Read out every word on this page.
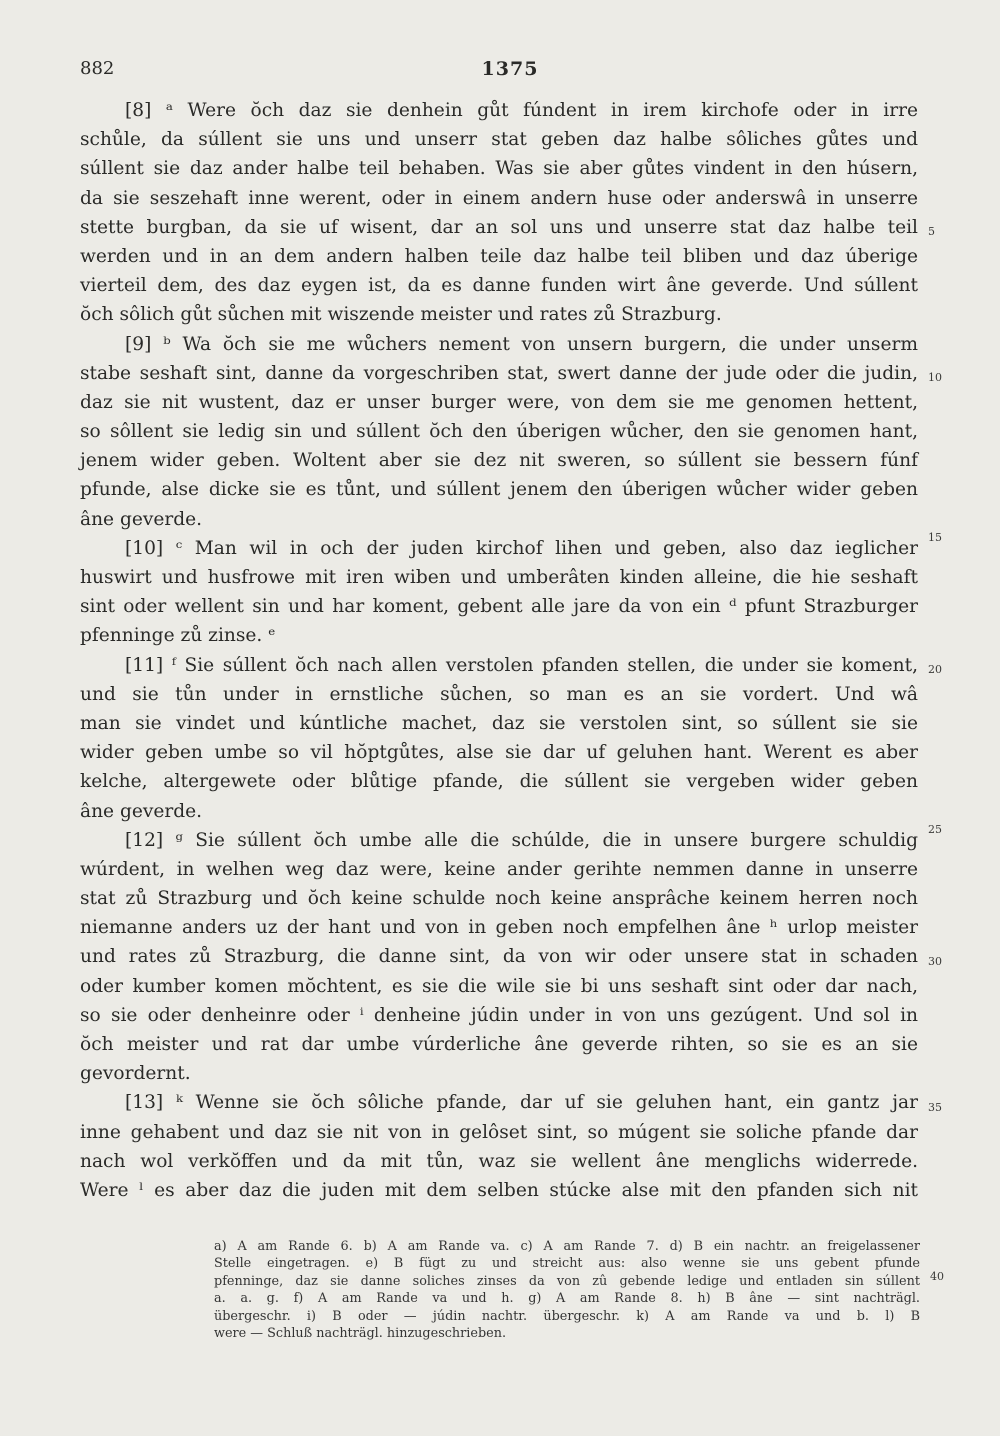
882	1375
[8] ᵃ Were ŏch daz sie denhein gůt fúndent in irem kirchofe oder in irre
schůle, da súllent sie uns und unserr stat geben daz halbe sôliches gůtes und
súllent sie daz ander halbe teil behaben. Was sie aber gůtes vindent in den húsern,
da sie seszehaft inne werent, oder in einem andern huse oder anderswâ in unserre
stette burgban, da sie uf wisent, dar an sol uns und unserre stat daz halbe teil
werden und in an dem andern halben teile daz halbe teil bliben und daz úberige
vierteil dem, des daz eygen ist, da es danne funden wirt âne geverde. Und súllent
ŏch sôlich gůt sůchen mit wiszende meister und rates zů Strazburg.
[9] ᵇ Wa ŏch sie me wůchers nement von unsern burgern, die under unserm
stabe seshaft sint, danne da vorgeschriben stat, swert danne der jude oder die judin,
daz sie nit wustent, daz er unser burger were, von dem sie me genomen hettent,
so sôllent sie ledig sin und súllent ŏch den úberigen wůcher, den sie genomen hant,
jenem wider geben. Woltent aber sie dez nit sweren, so súllent sie bessern fúnf
pfunde, alse dicke sie es tůnt, und súllent jenem den úberigen wůcher wider geben
âne geverde.
[10] ᶜ Man wil in och der juden kirchof lihen und geben, also daz ieglicher
huswirt und husfrowe mit iren wiben und umberâten kinden alleine, die hie seshaft
sint oder wellent sin und har koment, gebent alle jare da von ein ᵈ pfunt Strazburger
pfenninge zů zinse. ᵉ
[11] ᶠ Sie súllent ŏch nach allen verstolen pfanden stellen, die under sie koment,
und sie tůn under in ernstliche sůchen, so man es an sie vordert. Und wâ
man sie vindet und kúntliche machet, daz sie verstolen sint, so súllent sie sie
wider geben umbe so vil hŏptgůtes, alse sie dar uf geluhen hant. Werent es aber
kelche, altergewete oder blůtige pfande, die súllent sie vergeben wider geben
âne geverde.
[12] ᵍ Sie súllent ŏch umbe alle die schúlde, die in unsere burgere schuldig
wúrdent, in welhen weg daz were, keine ander gerihte nemmen danne in unserre
stat zů Strazburg und ŏch keine schulde noch keine ansprâche keinem herren noch
niemanne anders uz der hant und von in geben noch empfelhen âne ʰ urlop meister
und rates zů Strazburg, die danne sint, da von wir oder unsere stat in schaden
oder kumber komen mŏchtent, es sie die wile sie bi uns seshaft sint oder dar nach,
so sie oder denheinre oder ⁱ denheine júdin under in von uns gezúgent. Und sol in
ŏch meister und rat dar umbe vúrderliche âne geverde rihten, so sie es an sie
gevordernt.
[13] ᵏ Wenne sie ŏch sôliche pfande, dar uf sie geluhen hant, ein gantz jar
inne gehabent und daz sie nit von in gelôset sint, so múgent sie soliche pfande dar
nach wol verkŏffen und da mit tůn, waz sie wellent âne menglichs widerrede.
Were ˡ es aber daz die juden mit dem selben stúcke alse mit den pfanden sich nit
5
10
15
20
25
30
35
a) A am Rande 6. b) A am Rande va. c) A am Rande 7. d) B ein nachtr. an freigelassener
Stelle eingetragen. e) B fügt zu und streicht aus: also wenne sie uns gebent pfunde
pfenninge, daz sie danne soliches zinses da von zû gebende ledige und entladen sin súllent
a. a. g. f) A am Rande va und h. g) A am Rande 8. h) B âne — sint nachträgl.
übergeschr. i) B oder — júdin nachtr. übergeschr. k) A am Rande va und b. l) B
were — Schluß nachträgl. hinzugeschrieben.
40
